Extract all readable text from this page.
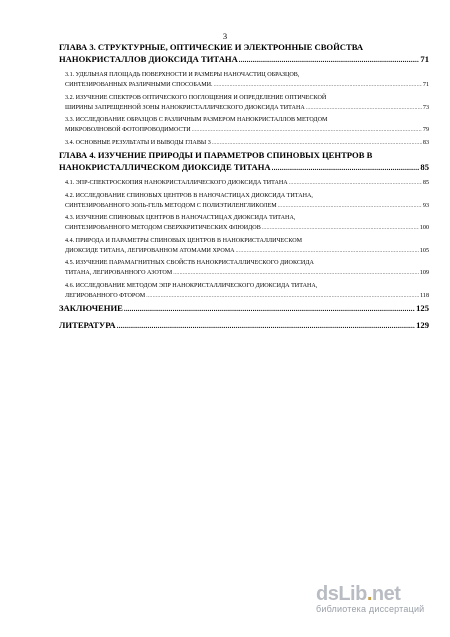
3
ГЛАВА 3. СТРУКТУРНЫЕ, ОПТИЧЕСКИЕ И ЭЛЕКТРОННЫЕ СВОЙСТВА
НАНОКРИСТАЛЛОВ ДИОКСИДА ТИТАНА .....	71
3.1. УДЕЛЬНАЯ ПЛОЩАДЬ ПОВЕРХНОСТИ И РАЗМЕРЫ НАНОЧАСТИЦ ОБРАЗЦОВ,
СИНТЕЗИРОВАННЫХ РАЗЛИЧНЫМИ СПОСОБАМИ. .....	71
3.2. ИЗУЧЕНИЕ СПЕКТРОВ ОПТИЧЕСКОГО ПОГЛОЩЕНИЯ И ОПРЕДЕЛЕНИЕ ОПТИЧЕСКОЙ
ШИРИНЫ ЗАПРЕЩЕННОЙ ЗОНЫ НАНОКРИСТАЛЛИЧЕСКОГО ДИОКСИДА ТИТАНА .....	73
3.3. ИССЛЕДОВАНИЕ ОБРАЗЦОВ С РАЗЛИЧНЫМ РАЗМЕРОМ НАНОКРИСТАЛЛОВ МЕТОДОМ
МИКРОВОЛНОВОЙ ФОТОПРОВОДИМОСТИ .....	79
3.4. ОСНОВНЫЕ РЕЗУЛЬТАТЫ И ВЫВОДЫ ГЛАВЫ 3 .....	83
ГЛАВА 4. ИЗУЧЕНИЕ ПРИРОДЫ И ПАРАМЕТРОВ СПИНОВЫХ ЦЕНТРОВ В
НАНОКРИСТАЛЛИЧЕСКОМ ДИОКСИДЕ ТИТАНА .....	85
4.1. ЭПР-СПЕКТРОСКОПИЯ НАНОКРИСТАЛЛИЧЕСКОГО ДИОКСИДА ТИТАНА .....	85
4.2. ИССЛЕДОВАНИЕ СПИНОВЫХ ЦЕНТРОВ В НАНОЧАСТИЦАХ ДИОКСИДА ТИТАНА,
СИНТЕЗИРОВАННОГО ЗОЛЬ-ГЕЛЬ МЕТОДОМ С ПОЛИЭТИЛЕНГЛИКОЛЕМ .....	93
4.3. ИЗУЧЕНИЕ СПИНОВЫХ ЦЕНТРОВ В НАНОЧАСТИЦАХ ДИОКСИДА ТИТАНА,
СИНТЕЗИРОВАННОГО МЕТОДОМ СВЕРХКРИТИЧЕСКИХ ФЛЮИДОВ .....	100
4.4. ПРИРОДА И ПАРАМЕТРЫ СПИНОВЫХ ЦЕНТРОВ В НАНОКРИСТАЛЛИЧЕСКОМ
ДИОКСИДЕ ТИТАНА, ЛЕГИРОВАННОМ АТОМАМИ ХРОМА .....	105
4.5. ИЗУЧЕНИЕ ПАРАМАГНИТНЫХ СВОЙСТВ НАНОКРИСТАЛЛИЧЕСКОГО ДИОКСИДА
ТИТАНА, ЛЕГИРОВАННОГО АЗОТОМ .....	109
4.6. ИССЛЕДОВАНИЕ МЕТОДОМ ЭПР НАНОКРИСТАЛЛИЧЕСКОГО ДИОКСИДА ТИТАНА,
ЛЕГИРОВАННОГО ФТОРОМ .....	118
ЗАКЛЮЧЕНИЕ .....	125
ЛИТЕРАТУРА .....	129
dsLib . net
библиотека диссертаций
